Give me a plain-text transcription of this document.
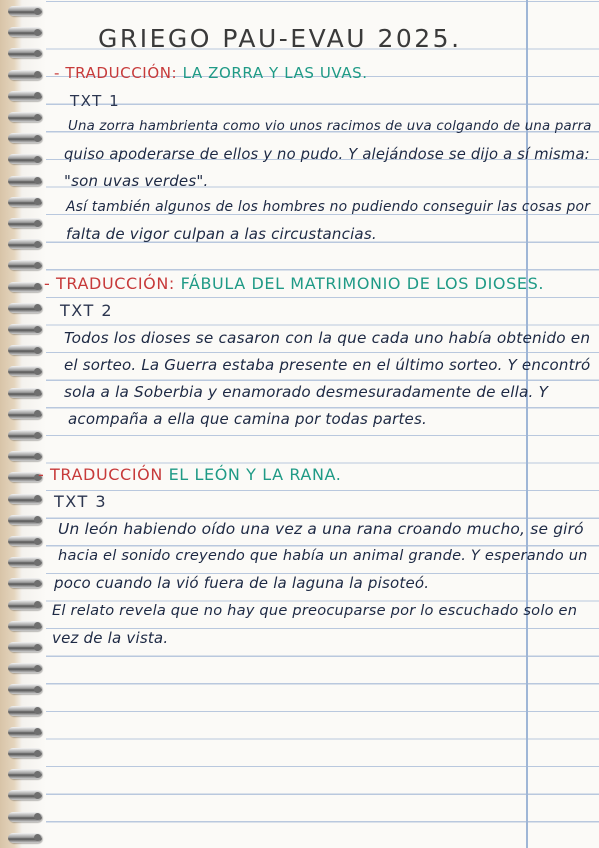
GRIEGO PAU-EVAU 2025.
- TRADUCCIÓN: LA ZORRA Y LAS UVAS.
TXT 1

Una zorra hambrienta como vio unos racimos de uva colgando de una parra

quiso apoderarse de ellos y no pudo. Y alejándose se dijo a sí misma:

"son uvas verdes".

Así también algunos de los hombres no pudiendo conseguir las cosas por

falta de vigor culpan a las circustancias.

- TRADUCCIÓN: FÁBULA DEL MATRIMONIO DE LOS DIOSES.
TXT 2

Todos los dioses se casaron con la que cada uno había obtenido en

el sorteo. La Guerra estaba presente en el último sorteo. Y encontró

sola a la Soberbia y enamorado desmesuradamente de ella. Y

acompaña a ella que camina por todas partes.

- TRADUCCIÓN EL LEÓN Y LA RANA.
TXT 3

Un león habiendo oído una vez a una rana croando mucho, se giró

hacia el sonido creyendo que había un animal grande. Y esperando un

poco cuando la vió fuera de la laguna la pisoteó.

El relato revela que no hay que preocuparse por lo escuchado solo en

vez de la vista.
